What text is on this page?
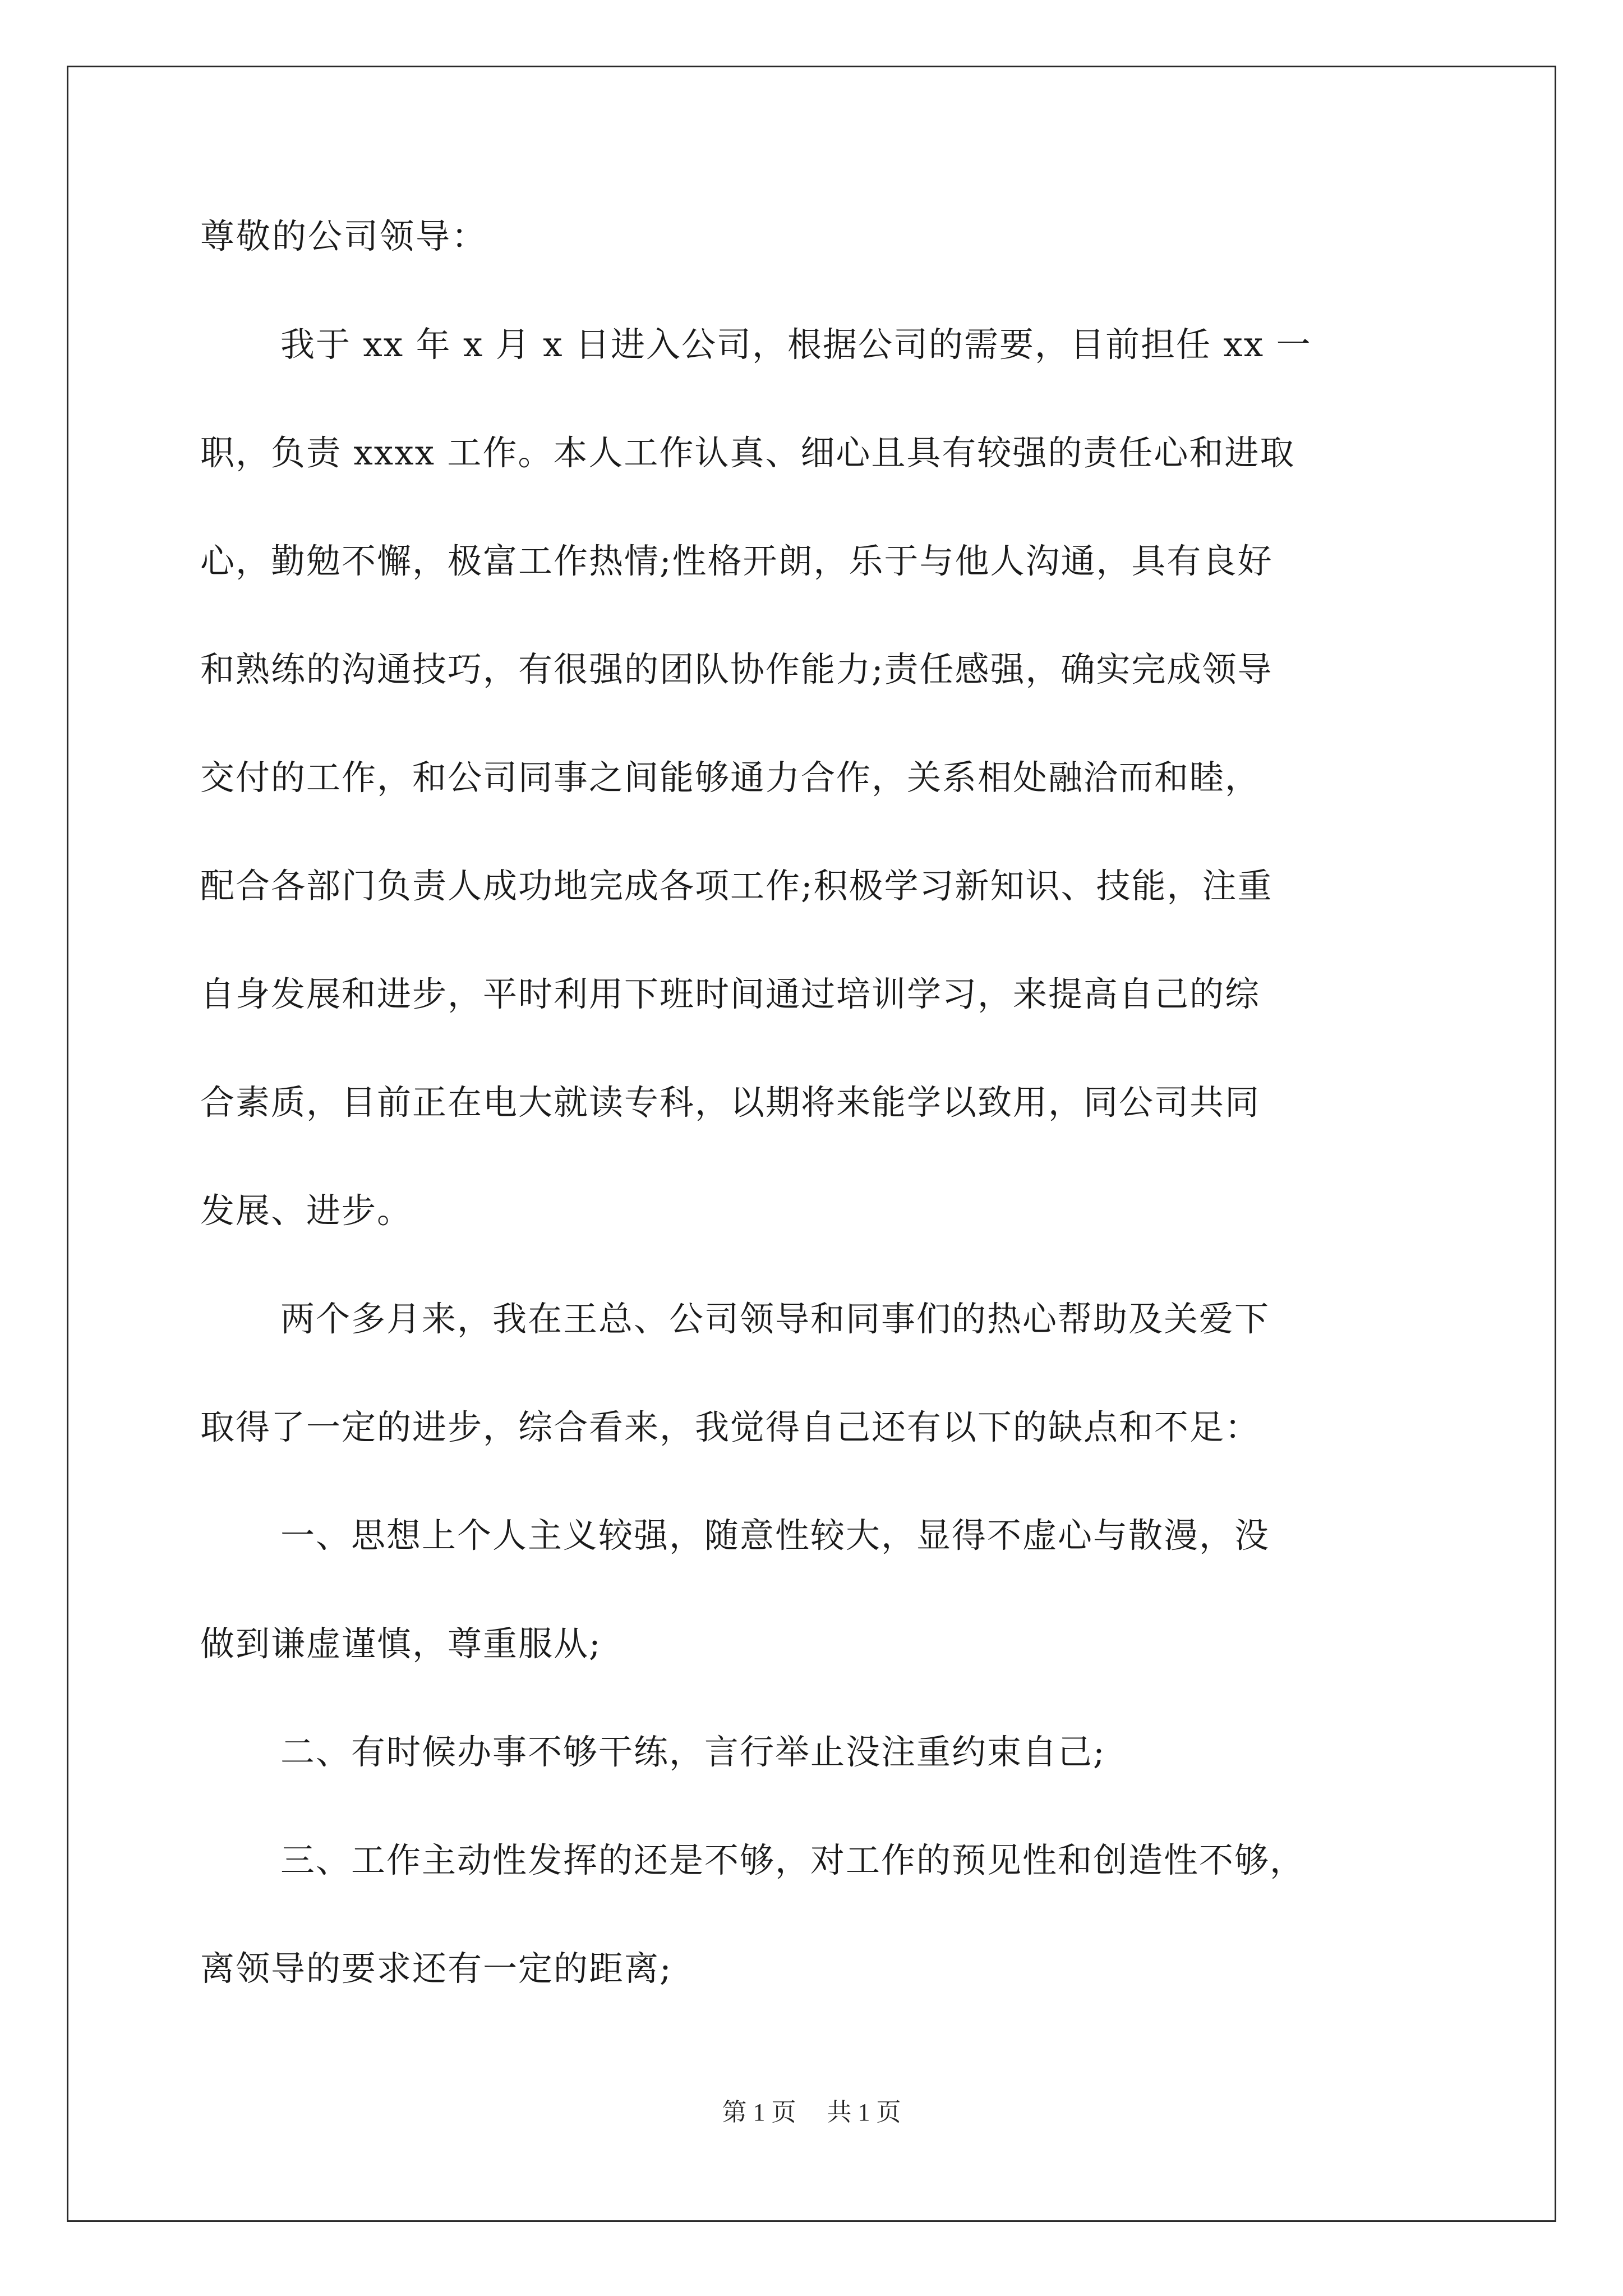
尊敬的公司领导：
我于 xx 年 x 月 x 日进入公司，根据公司的需要，目前担任 xx 一
职，负责 xxxx 工作。本人工作认真、细心且具有较强的责任心和进取
心，勤勉不懈，极富工作热情;性格开朗，乐于与他人沟通，具有良好
和熟练的沟通技巧，有很强的团队协作能力;责任感强，确实完成领导
交付的工作，和公司同事之间能够通力合作，关系相处融洽而和睦，
配合各部门负责人成功地完成各项工作;积极学习新知识、技能，注重
自身发展和进步，平时利用下班时间通过培训学习，来提高自己的综
合素质，目前正在电大就读专科，以期将来能学以致用，同公司共同
发展、进步。
两个多月来，我在王总、公司领导和同事们的热心帮助及关爱下
取得了一定的进步，综合看来，我觉得自己还有以下的缺点和不足：
一、思想上个人主义较强，随意性较大，显得不虚心与散漫，没
做到谦虚谨慎，尊重服从;
二、有时候办事不够干练，言行举止没注重约束自己;
三、工作主动性发挥的还是不够，对工作的预见性和创造性不够，
离领导的要求还有一定的距离;
第 1 页　 共 1 页
